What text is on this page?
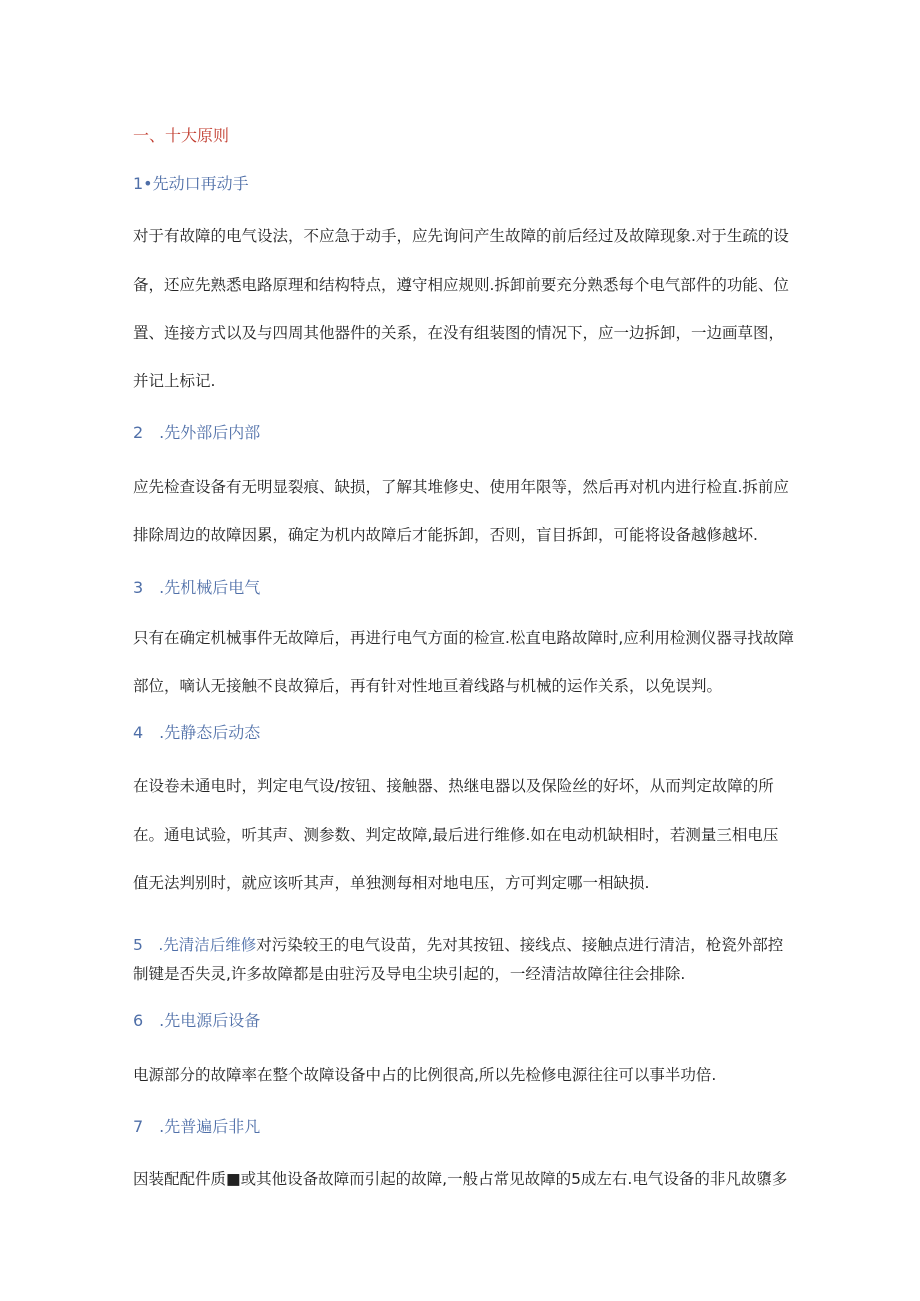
一、十大原则
1•先动口再动手
对于有故障的电气设法，不应急于动手，应先询问产生故障的前后经过及故障现象.对于生疏的设
备，还应先熟悉电路原理和结构特点，遵守相应规则.拆卸前要充分熟悉每个电气部件的功能、位
置、连接方式以及与四周其他器件的关系，在没有组装图的情况下，应一边拆卸，一边画草图，
并记上标记.
2　.先外部后内部
应先检查设备有无明显裂痕、缺损，了解其堆修史、使用年限等，然后再对机内进行检直.拆前应
排除周边的故障因累，确定为机内故障后才能拆卸，否则，盲目拆卸，可能将设备越修越坏.
3　.先机械后电气
只有在确定机械事件无故障后，再进行电气方面的检宣.松直电路故障时,应利用检测仪器寻找故障
部位，嘀认无接触不良故獐后，再有针对性地亘着线路与机械的运作关系，以免误判。
4　.先静态后动态
在设卷未通电时，判定电气设/按钮、接触器、热继电器以及保险丝的好坏，从而判定故障的所
在。通电试验，听其声、测参数、判定故障,最后进行维修.如在电动机缺相时，若测量三相电压
值无法判别时，就应该听其声，单独测每相对地电压，方可判定哪一相缺损.
5　.先清洁后维修对污染较王的电气设苗，先对其按钮、接线点、接触点进行清洁，枪瓷外部控
制键是否失灵,许多故障都是由驻污及导电尘块引起的，一经清洁故障往往会排除.
6　.先电源后设备
电源部分的故障率在整个故障设备中占的比例很高,所以先检修电源往往可以事半功倍.
7　.先普遍后非凡
因装配配件质■或其他设备故障而引起的故障,一般占常见故障的5成左右.电气设备的非凡故隳多
